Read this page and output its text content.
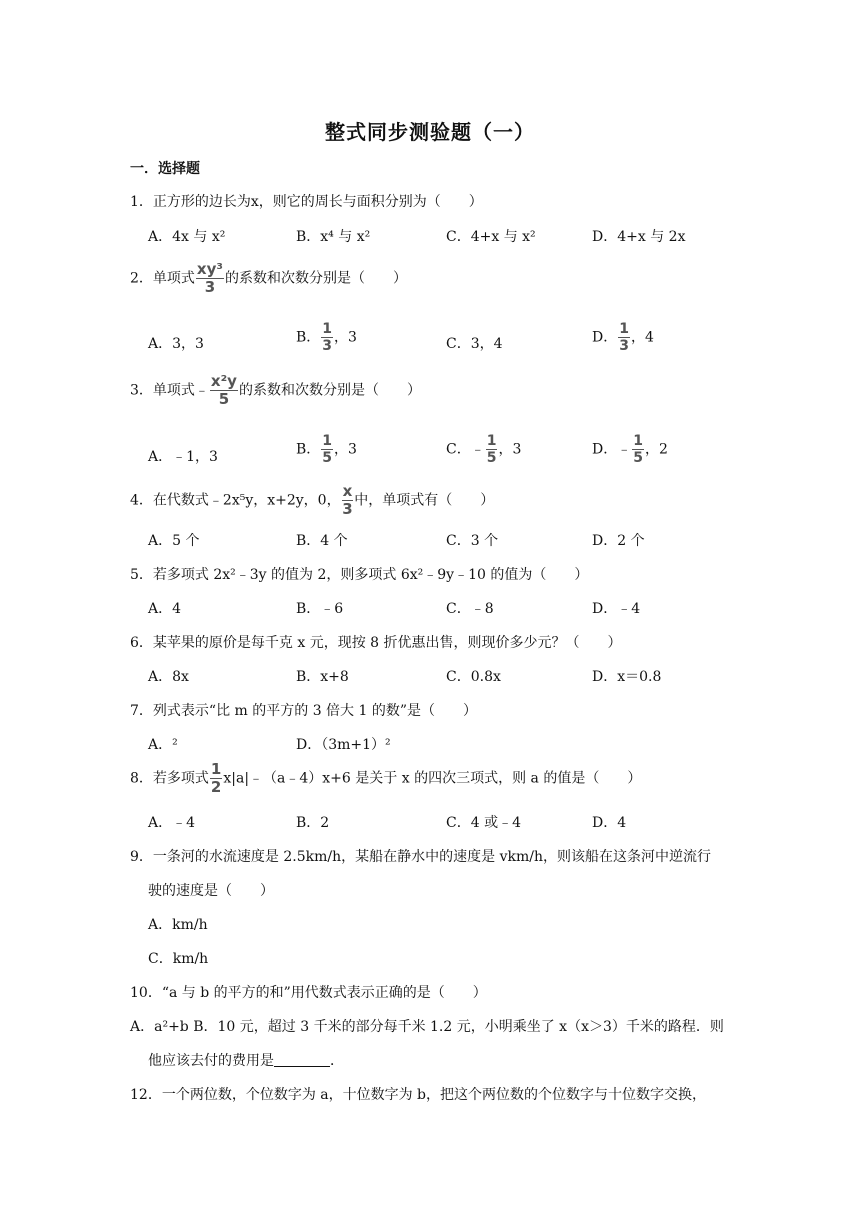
整式同步测验题（一）
一．选择题
1．正方形的边长为x，则它的周长与面积分别为（　　）
A．4x 与 x²	B．x⁴ 与 x²	C．4+x 与 x²	D．4+x 与 2x
2．单项式 $\frac{\text{xy³}}{3}$ 的系数和次数分别是（　　）
A．3，3	B． $\frac{1}{3}$ ，3	C．3，4	D． $\frac{1}{3}$ ，4
3．单项式﹣ $\frac{\text{x²y}}{5}$ 的系数和次数分别是（　　）
A．﹣1，3	B． $\frac{1}{5}$ ，3	C．﹣ $\frac{1}{5}$ ，3	D．﹣ $\frac{1}{5}$ ，2
4．在代数式﹣2x⁵y，x+2y，0， $\frac{x}{3}$ 中，单项式有（　　）
A．5 个	B．4 个	C．3 个	D．2 个
5．若多项式 2x²﹣3y 的值为 2，则多项式 6x²﹣9y﹣10 的值为（　　）
A．4	B．﹣6	C．﹣8	D．﹣4
6．某苹果的原价是每千克 x 元，现按 8 折优惠出售，则现价多少元？（　　）
A．8x	B．x+8	C．0.8x	D．x＝0.8
7．列式表示“比 m 的平方的 3 倍大 1 的数”是（　　）
A．²	D．（3m+1）²
8．若多项式 $\frac{1}{2}$ x|a|﹣（a﹣4）x+6 是关于 x 的四次三项式，则 a 的值是（　　）
A．﹣4	B．2	C．4 或﹣4	D．4
9．一条河的水流速度是 2.5km/h，某船在静水中的速度是 vkm/h，则该船在这条河中逆流行
驶的速度是（　　）
A．km/h
C．km/h
10．“a 与 b 的平方的和”用代数式表示正确的是（　　）
A．a²+b B．10 元，超过 3 千米的部分每千米 1.2 元，小明乘坐了 x（x＞3）千米的路程．则
他应该去付的费用是	．
12．一个两位数，个位数字为 a，十位数字为 b，把这个两位数的个位数字与十位数字交换，
